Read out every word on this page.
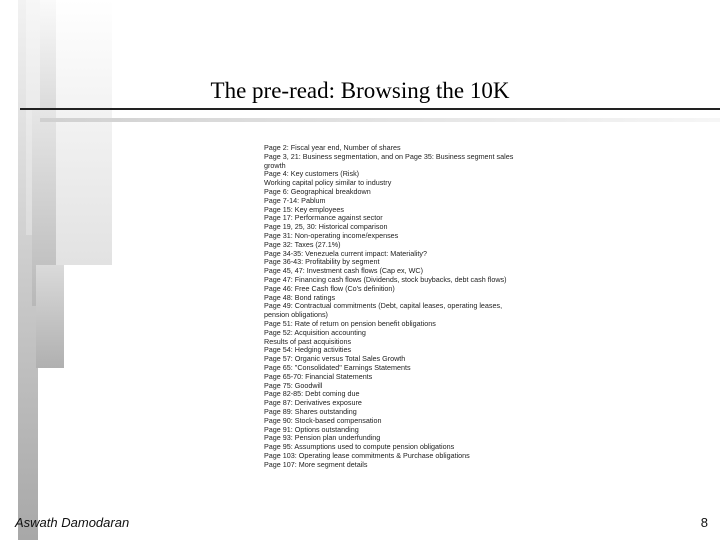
The pre-read: Browsing the 10K
Page 2: Fiscal year end, Number of shares
Page 3, 21: Business segmentation, and on Page 35: Business segment sales
growth
Page 4: Key customers (Risk)
Working capital policy similar to industry
Page 6: Geographical breakdown
Page 7-14: Pablum
Page 15: Key employees
Page 17: Performance against sector
Page 19, 25, 30: Historical comparison
Page 31: Non-operating income/expenses
Page 32: Taxes (27.1%)
Page 34-35: Venezuela current impact: Materiality?
Page 36-43: Profitability by segment
Page 45, 47: Investment cash flows (Cap ex, WC)
Page 47: Financing cash flows (Dividends, stock buybacks, debt cash flows)
Page 46: Free Cash flow (Co's definition)
Page 48: Bond ratings
Page 49: Contractual commitments (Debt, capital leases, operating leases,
pension obligations)
Page 51: Rate of return on pension benefit obligations
Page 52: Acquisition accounting
Results of past acquisitions
Page 54: Hedging activities
Page 57: Organic versus Total Sales Growth
Page 65: "Consolidated" Earnings Statements
Page 65-70: Financial Statements
Page 75: Goodwill
Page 82-85: Debt coming due
Page 87: Derivatives exposure
Page 89: Shares outstanding
Page 90: Stock-based compensation
Page 91: Options outstanding
Page 93: Pension plan underfunding
Page 95: Assumptions used to compute pension obligations
Page 103: Operating lease commitments & Purchase obligations
Page 107: More segment details
Aswath Damodaran	8
